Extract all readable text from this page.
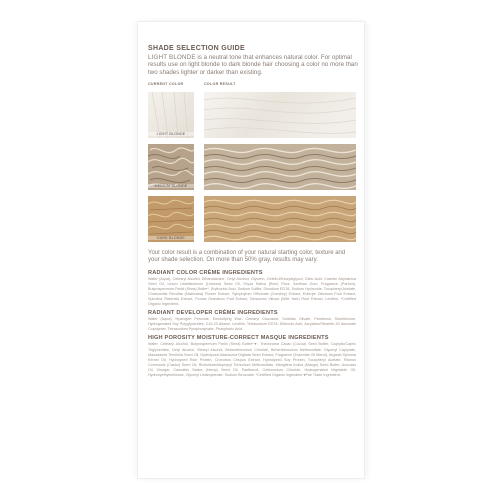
SHADE SELECTION GUIDE
LIGHT BLONDE is a neutral tone that enhances natural color. For optimal results use on light blonde to dark blonde hair choosing a color no more than two shades lighter or darker than existing.
CURRENT COLOR	COLOR RESULT
LIGHT BLONDE
MEDIUM BLONDE
DARK BLONDE
Your color result is a combination of your natural starting color, texture and your shade selection. On more than 50% gray, results may vary.
RADIANT COLOR CRÈME INGREDIENTS
Water (Aqua), Cetearyl Alcohol, Ethanolamine, Cetyl Alcohol, Glycerin, Ceteth-Ethoxydiglycol, Oleic Acid, Crambe Abyssinica Seed Oil, Linum Usitatissimum (Linseed) Seed Oil, Oryza Sativa (Rice) Flour, Xanthan Gum, Fragrance (Parfum), Butyrospermum Parkii (Shea) Butter*, Erythorbic Acid, Sodium Sulfite, Disodium EDTA, Sodium Hydroxide, Tocopheryl Acetate, Chamomilla Recutita (Matricaria) Flower Extract, Symphytum Officinale (Comfrey) Extract, Euterpe Oleracea Fruit Extract, Spirulina Platensis Extract, Punica Granatum Fruit Extract, Dioscorea Villosa (Wild Yam) Root Extract, Lecithin. *Certified Organic Ingredient.
RADIANT DEVELOPER CRÈME INGREDIENTS
Water (Aqua), Hydrogen Peroxide, Emulsifying Wax, Cetearyl Glucoside, Sorbitan Olivate, Panthenol, Simethicone, Hydrogenated Soy Polyglycerides, C15-23 Alkane, Lecithin, Tetrasodium EDTA, Etidronic Acid, Acrylates/Steareth-20 Itaconate Copolymer, Tetrasodium Pyrophosphate, Phosphoric Acid.
HIGH POROSITY MOISTURE-CORRECT MASQUE INGREDIENTS
Water, Cetearyl Alcohol, Butyrospermum Parkii (Shea) Butter*♥, Theobroma Cacao (Cocoa) Seed Butter, Caprylic/Capric Triglycerides, Cetyl Alcohol, Stearyl Alcohol, Behentrimonium Chloride, Behentrimonium Methosulfate, Glyceryl Caprylate, Macadamia Ternifolia Seed Oil, Hydrolyzed Adansonia Digitata Seed Extract, Fragrance (Essential Oil Blend), Argania Spinosa Kernel Oil, Hydrolyzed Rice Protein, Chondrus Crispus Extract, Hydrolyzed Soy Protein, Tocopheryl Acetate, Ricinus Communis (Castor) Seed Oil, Ricinoleamidopropyl Trimonium Methosulfate, Mangifera Indica (Mango) Seed Butter, Avocado Oil, Vinegar, Cannabis Sativa (Hemp) Seed Oil, Panthenol, Cetrimonium Chloride, Hydrogenated Vegetable Oil, Hydroxyethylcellulose, Glyceryl Undecylenate, Sodium Benzoate. *Certified Organic Ingredient ♥Fair Trade Ingredient.
